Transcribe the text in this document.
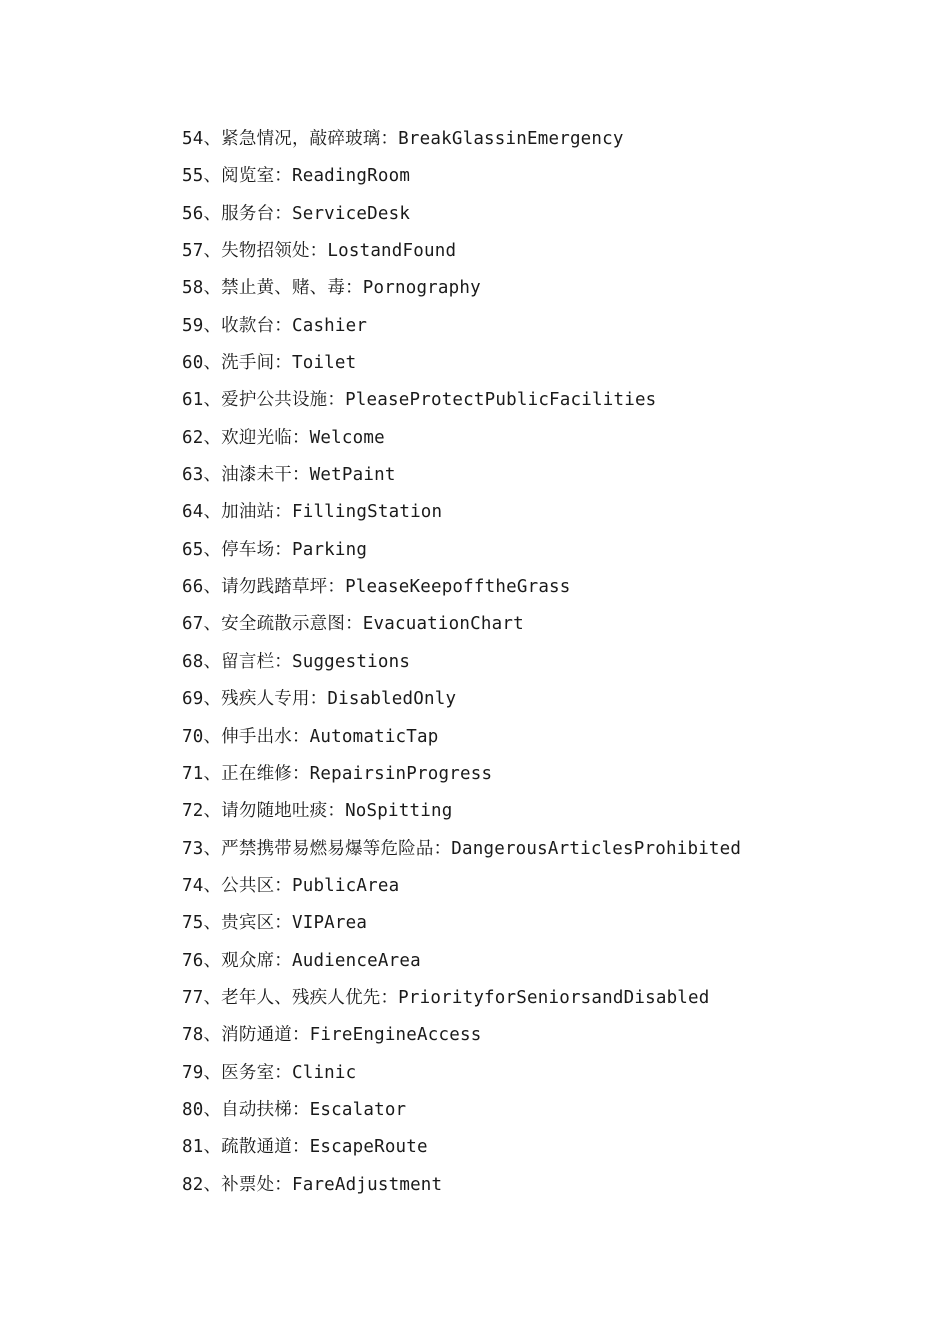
54、紧急情况，敲碎玻璃：BreakGlassinEmergency
55、阅览室：ReadingRoom
56、服务台：ServiceDesk
57、失物招领处：LostandFound
58、禁止黄、赌、毒：Pornography
59、收款台：Cashier
60、洗手间：Toilet
61、爱护公共设施：PleaseProtectPublicFacilities
62、欢迎光临：Welcome
63、油漆未干：WetPaint
64、加油站：FillingStation
65、停车场：Parking
66、请勿践踏草坪：PleaseKeepofftheGrass
67、安全疏散示意图：EvacuationChart
68、留言栏：Suggestions
69、残疾人专用：DisabledOnly
70、伸手出水：AutomaticTap
71、正在维修：RepairsinProgress
72、请勿随地吐痰：NoSpitting
73、严禁携带易燃易爆等危险品：DangerousArticlesProhibited
74、公共区：PublicArea
75、贵宾区：VIPArea
76、观众席：AudienceArea
77、老年人、残疾人优先：PriorityforSeniorsandDisabled
78、消防通道：FireEngineAccess
79、医务室：Clinic
80、自动扶梯：Escalator
81、疏散通道：EscapeRoute
82、补票处：FareAdjustment
